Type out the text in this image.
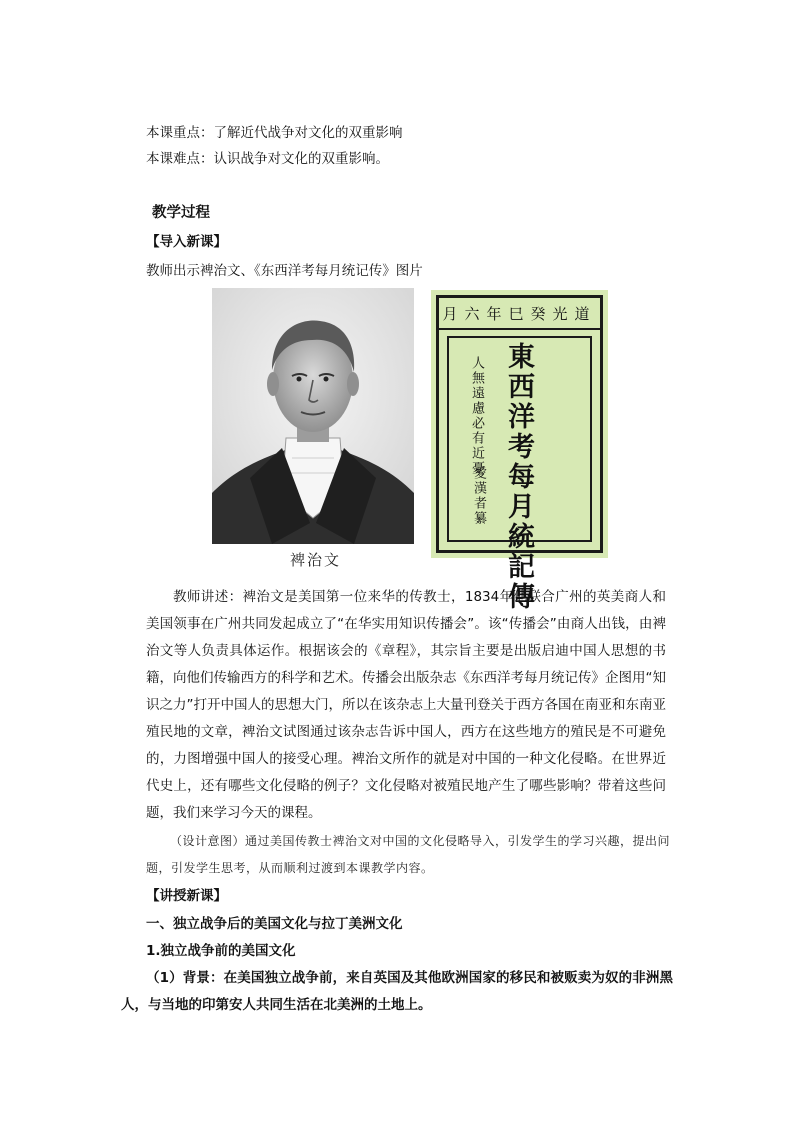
本课重点：了解近代战争对文化的双重影响
本课难点：认识战争对文化的双重影响。
教学过程
【导入新课】
教师出示裨治文、《东西洋考每月统记传》图片
裨治文
道光癸巳年六月
東西洋考每月統記傳
人無遠慮必有近憂
愛漢者纂
教师讲述：裨治文是美国第一位来华的传教士，1834年他联合广州的英美商人和美国领事在广州共同发起成立了“在华实用知识传播会”。该“传播会”由商人出钱，由裨治文等人负责具体运作。根据该会的《章程》，其宗旨主要是出版启迪中国人思想的书籍，向他们传输西方的科学和艺术。传播会出版杂志《东西洋考每月统记传》企图用“知识之力”打开中国人的思想大门，所以在该杂志上大量刊登关于西方各国在南亚和东南亚殖民地的文章，裨治文试图通过该杂志告诉中国人，西方在这些地方的殖民是不可避免的，力图增强中国人的接受心理。裨治文所作的就是对中国的一种文化侵略。在世界近代史上，还有哪些文化侵略的例子？文化侵略对被殖民地产生了哪些影响？带着这些问题，我们来学习今天的课程。
（设计意图）通过美国传教士裨治文对中国的文化侵略导入，引发学生的学习兴趣，提出问题，引发学生思考，从而顺利过渡到本课教学内容。
【讲授新课】
一、独立战争后的美国文化与拉丁美洲文化
1.独立战争前的美国文化
（1）背景：在美国独立战争前，来自英国及其他欧洲国家的移民和被贩卖为奴的非洲黑人，与当地的印第安人共同生活在北美洲的土地上。
